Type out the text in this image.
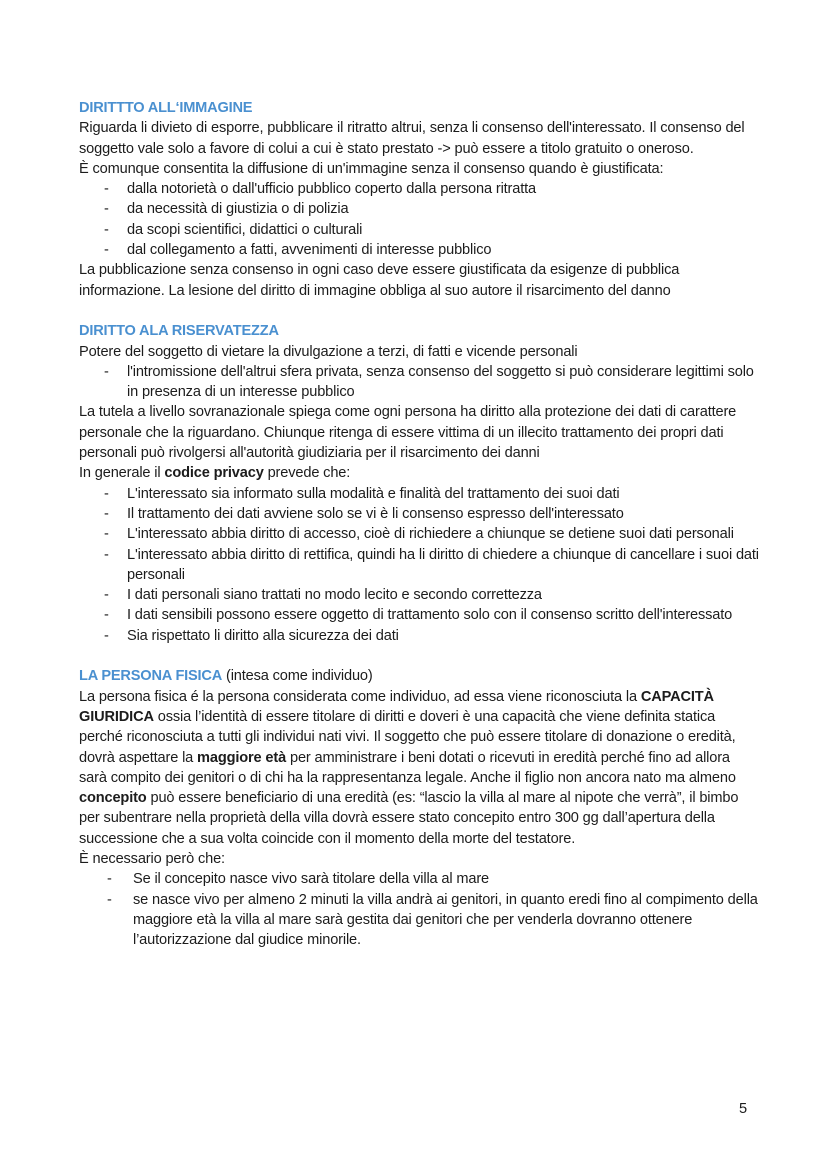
DIRITTTO ALL‘IMMAGINE

Riguarda li divieto di esporre, pubblicare il ritratto altrui, senza li consenso dell'interessato. Il consenso del soggetto vale solo a favore di colui a cui è stato prestato -> può essere a titolo gratuito o oneroso.

È comunque consentita la diffusione di un'immagine senza il consenso quando è giustificata:

- dalla notorietà o dall'ufficio pubblico coperto dalla persona ritratta
- da necessità di giustizia o di polizia
- da scopi scientifici, didattici o culturali
- dal collegamento a fatti, avvenimenti di interesse pubblico

La pubblicazione senza consenso in ogni caso deve essere giustificata da esigenze di pubblica informazione. La lesione del diritto di immagine obbliga al suo autore il risarcimento del danno

DIRITTO ALA RISERVATEZZA

Potere del soggetto di vietare la divulgazione a terzi, di fatti e vicende personali

- l'intromissione dell'altrui sfera privata, senza consenso del soggetto si può considerare legittimi solo in presenza di un interesse pubblico

La tutela a livello sovranazionale spiega come ogni persona ha diritto alla protezione dei dati di carattere personale che la riguardano. Chiunque ritenga di essere vittima di un illecito trattamento dei propri dati personali può rivolgersi all'autorità giudiziaria per il risarcimento dei danni

In generale il codice privacy prevede che:

- L'interessato sia informato sulla modalità e finalità del trattamento dei suoi dati
- Il trattamento dei dati avviene solo se vi è li consenso espresso dell'interessato
- L'interessato abbia diritto di accesso, cioè di richiedere a chiunque se detiene suoi dati personali
- L'interessato abbia diritto di rettifica, quindi ha li diritto di chiedere a chiunque di cancellare i suoi dati personali
- I dati personali siano trattati no modo lecito e secondo correttezza
- I dati sensibili possono essere oggetto di trattamento solo con il consenso scritto dell'interessato
- Sia rispettato li diritto alla sicurezza dei dati
LA PERSONA FISICA (intesa come individuo)

La persona fisica é la persona considerata come individuo, ad essa viene riconosciuta la CAPACITÀ GIURIDICA ossia l’identità di essere titolare di diritti e doveri è una capacità che viene definita statica perché riconosciuta a tutti gli individui nati vivi. Il soggetto che può essere titolare di donazione o eredità, dovrà aspettare la maggiore età per amministrare i beni dotati o ricevuti in eredità perché fino ad allora sarà compito dei genitori o di chi ha la rappresentanza legale. Anche il figlio non ancora nato ma almeno concepito può essere beneficiario di una eredità (es: “lascio la villa al mare al nipote che verrà”, il bimbo per subentrare nella proprietà della villa dovrà essere stato concepito entro 300 gg dall’apertura della successione che a sua volta coincide con il momento della morte del testatore.

È necessario però che:

- Se il concepito nasce vivo sarà titolare della villa al mare
- se nasce vivo per almeno 2 minuti la villa andrà ai genitori, in quanto eredi fino al compimento della maggiore età la villa al mare sarà gestita dai genitori che per venderla dovranno ottenere l’autorizzazione dal giudice minorile.
5
